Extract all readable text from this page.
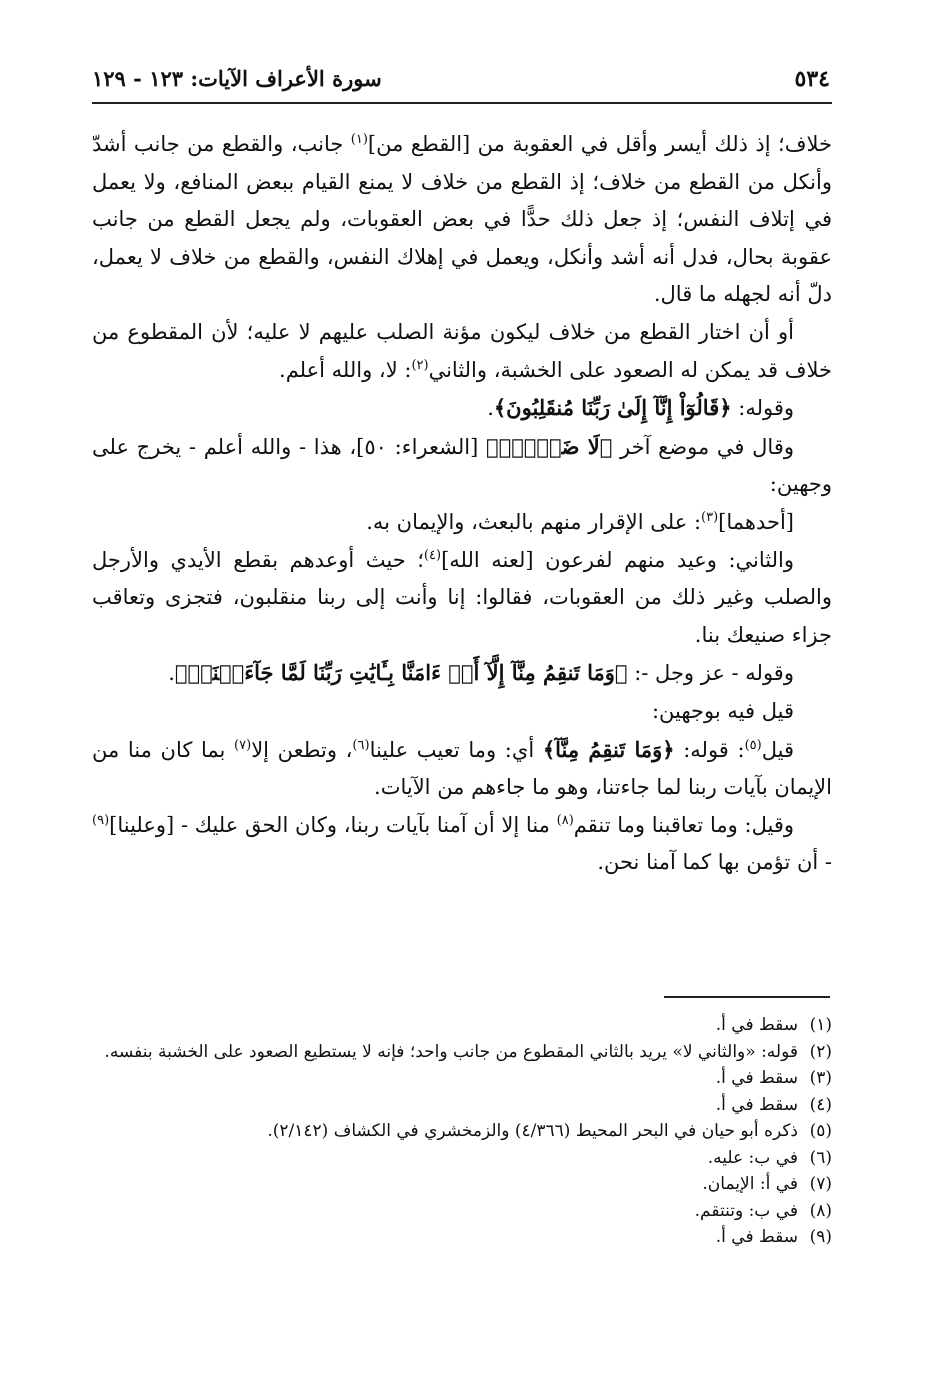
٥٣٤
سورة الأعراف الآيات: ١٢٣ - ١٢٩

خلاف؛ إذ ذلك أيسر وأقل في العقوبة من [القطع من]$^{(١)}$ جانب، والقطع من جانب أشدّ وأنكل من القطع من خلاف؛ إذ القطع من خلاف لا يمنع القيام ببعض المنافع، ولا يعمل في إتلاف النفس؛ إذ جعل ذلك حدًّا في بعض العقوبات، ولم يجعل القطع من جانب عقوبة بحال، فدل أنه أشد وأنكل، ويعمل في إهلاك النفس، والقطع من خلاف لا يعمل، دلّ أنه لجهله ما قال.

أو أن اختار القطع من خلاف ليكون مؤنة الصلب عليهم لا عليه؛ لأن المقطوع من خلاف قد يمكن له الصعود على الخشبة، والثاني$^{(٢)}$: لا، والله أعلم.

وقوله: ﴿قَالُوٓاْ إِنَّآ إِلَىٰ رَبِّنَا مُنقَلِبُونَ﴾.

وقال في موضع آخر ﴿لَا ضَيۡرَۖ﴾ [الشعراء: ٥٠]، هذا - والله أعلم - يخرج على وجهين:

[أحدهما]$^{(٣)}$: على الإقرار منهم بالبعث، والإيمان به.

والثاني: وعيد منهم لفرعون [لعنه الله]$^{(٤)}$؛ حيث أوعدهم بقطع الأيدي والأرجل والصلب وغير ذلك من العقوبات، فقالوا: إنا وأنت إلى ربنا منقلبون، فتجزى وتعاقب جزاء صنيعك بنا.

وقوله - عز وجل -: ﴿وَمَا تَنقِمُ مِنَّآ إِلَّآ أَنۡ ءَامَنَّا بِـَٔايَٰتِ رَبِّنَا لَمَّا جَآءَتۡنَاۚ﴾.

قيل فيه بوجهين:

قيل$^{(٥)}$: قوله: ﴿وَمَا تَنقِمُ مِنَّآ﴾ أي: وما تعيب علينا$^{(٦)}$، وتطعن إلا$^{(٧)}$ بما كان منا من الإيمان بآيات ربنا لما جاءتنا، وهو ما جاءهم من الآيات.

وقيل: وما تعاقبنا وما تنقم$^{(٨)}$ منا إلا أن آمنا بآيات ربنا، وكان الحق عليك - [وعلينا]$^{(٩)}$ - أن تؤمن بها كما آمنا نحن.

(١)
سقط في أ.
(٢)
قوله: «والثاني لا» يريد بالثاني المقطوع من جانب واحد؛ فإنه لا يستطيع الصعود على الخشبة بنفسه.
(٣)
سقط في أ.
(٤)
سقط في أ.
(٥)
ذكره أبو حيان في البحر المحيط (٤/٣٦٦) والزمخشري في الكشاف (٢/١٤٢).
(٦)
في ب: عليه.
(٧)
في أ: الإيمان.
(٨)
في ب: وتنتقم.
(٩)
سقط في أ.
